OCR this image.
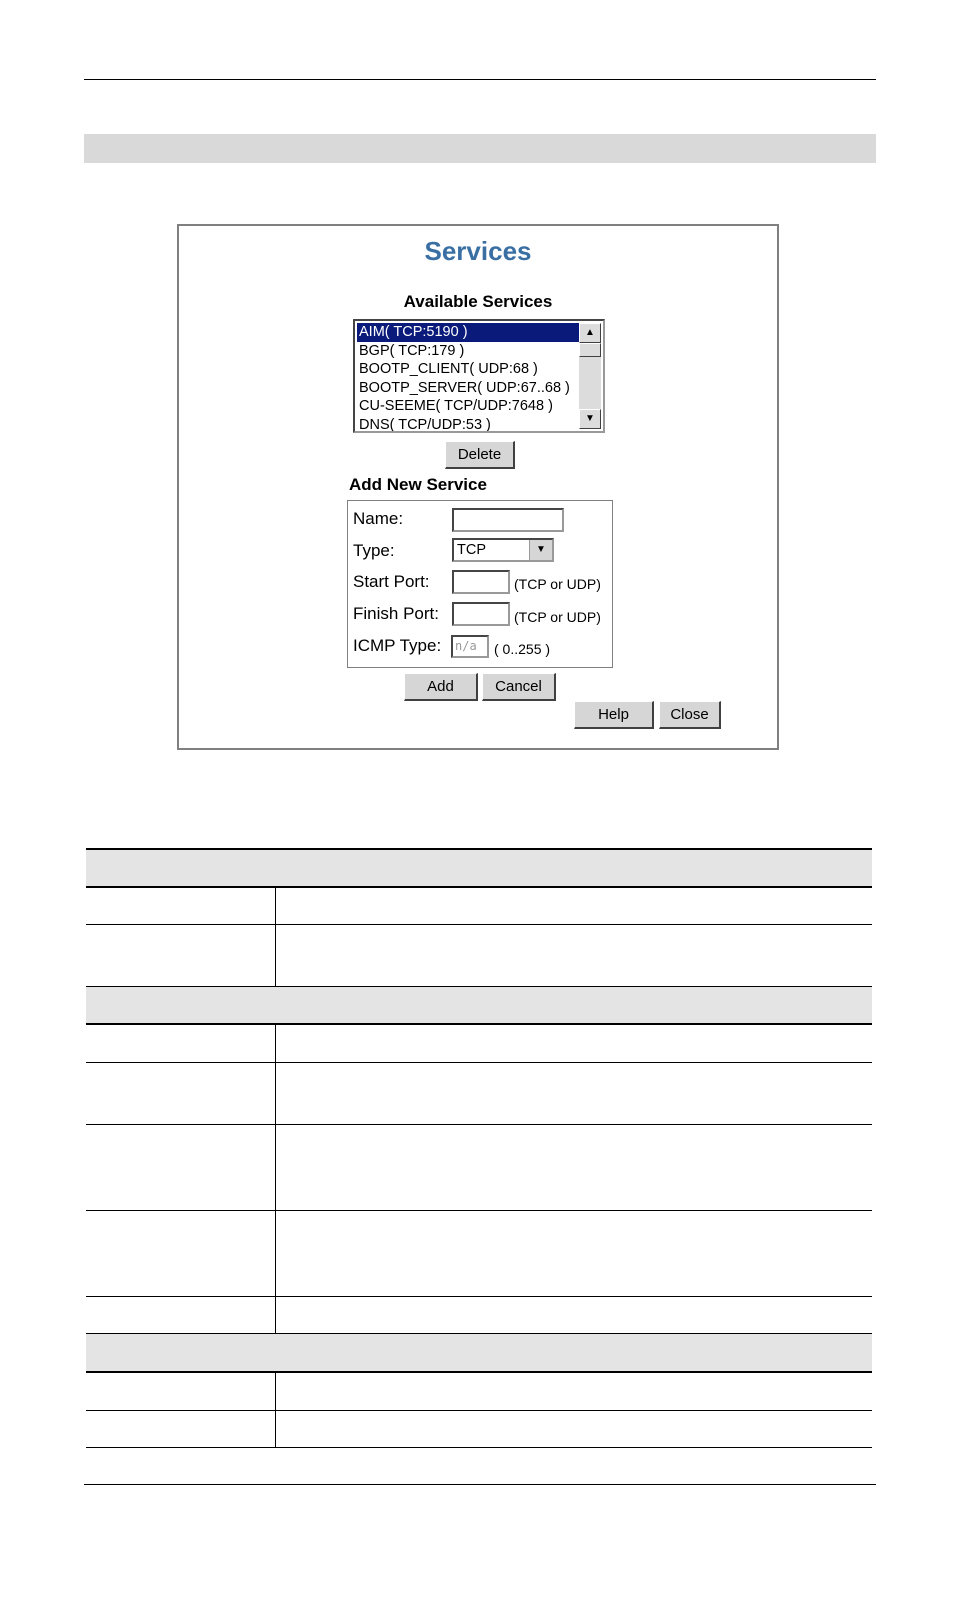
Services
Available Services
AIM( TCP:5190 )
BGP( TCP:179 )
BOOTP_CLIENT( UDP:68 )
BOOTP_SERVER( UDP:67..68 )
CU-SEEME( TCP/UDP:7648 )
DNS( TCP/UDP:53 )
▲
▼
Delete
Add New Service
Name:
Type:	TCP	▼
Start Port:	(TCP or UDP)
Finish Port:	(TCP or UDP)
ICMP Type:	n/a	( 0..255 )
Add	Cancel
Help	Close
